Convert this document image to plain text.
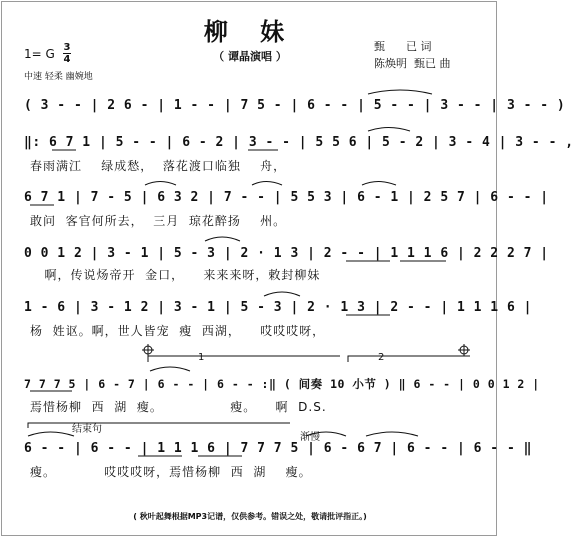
柳 妹
（ 谭晶演唱 ）
甄      已 词
陈焕明  甄已 曲
1= G 3
4
中速 轻柔 幽婉地
( 3 - - | 2 6 - | 1 - - | 7 5 - | 6 - - | 5 - - | 3 - - | 3 - - )
‖: 6 7 1 | 5 - - | 6 - 2 | 3 - - | 5 5 6 | 5 - 2 | 3 - 4 | 3 - - ,
春雨满江    绿成愁，  落花渡口临独    舟，
6 7 1 | 7 - 5 | 6 3 2 | 7 - - | 5 5 3 | 6 - 1 | 2 5 7 | 6 - - |
敢问  客官何所去，  三月  琼花醉扬    州。
0 0 1 2 | 3 - 1 | 5 - 3 | 2 · 1 3 | 2 - - | 1 1 1 6 | 2 2 2 7 |
啊，传说炀帝开  金口，    来来来呀，敕封柳妹
1 - 6 | 3 - 1 2 | 3 - 1 | 5 - 3 | 2 · 1 3 | 2 - - | 1 1 1 6 |
杨  姓讴。啊，世人皆宠  瘦  西湖，    哎哎哎呀，
7 7 7 5 | 6 - 7 | 6 - - | 6 - - :‖ ( 间奏 10 小节 ) ‖ 6 - - | 0 0 1 2 |
焉惜杨柳  西  湖  瘦。              瘦。    啊  D.S.
6 - - | 6 - - | 1 1 1 6 | 7 7 7 5 | 6 - 6 7 | 6 - - | 6 - - ‖
瘦。          哎哎哎呀，焉惜杨柳  西  湖    瘦。
1	2
结束句
渐慢
( 秋叶起舞根据MP3记谱，仅供参考。错误之处，敬请批评指正。)
